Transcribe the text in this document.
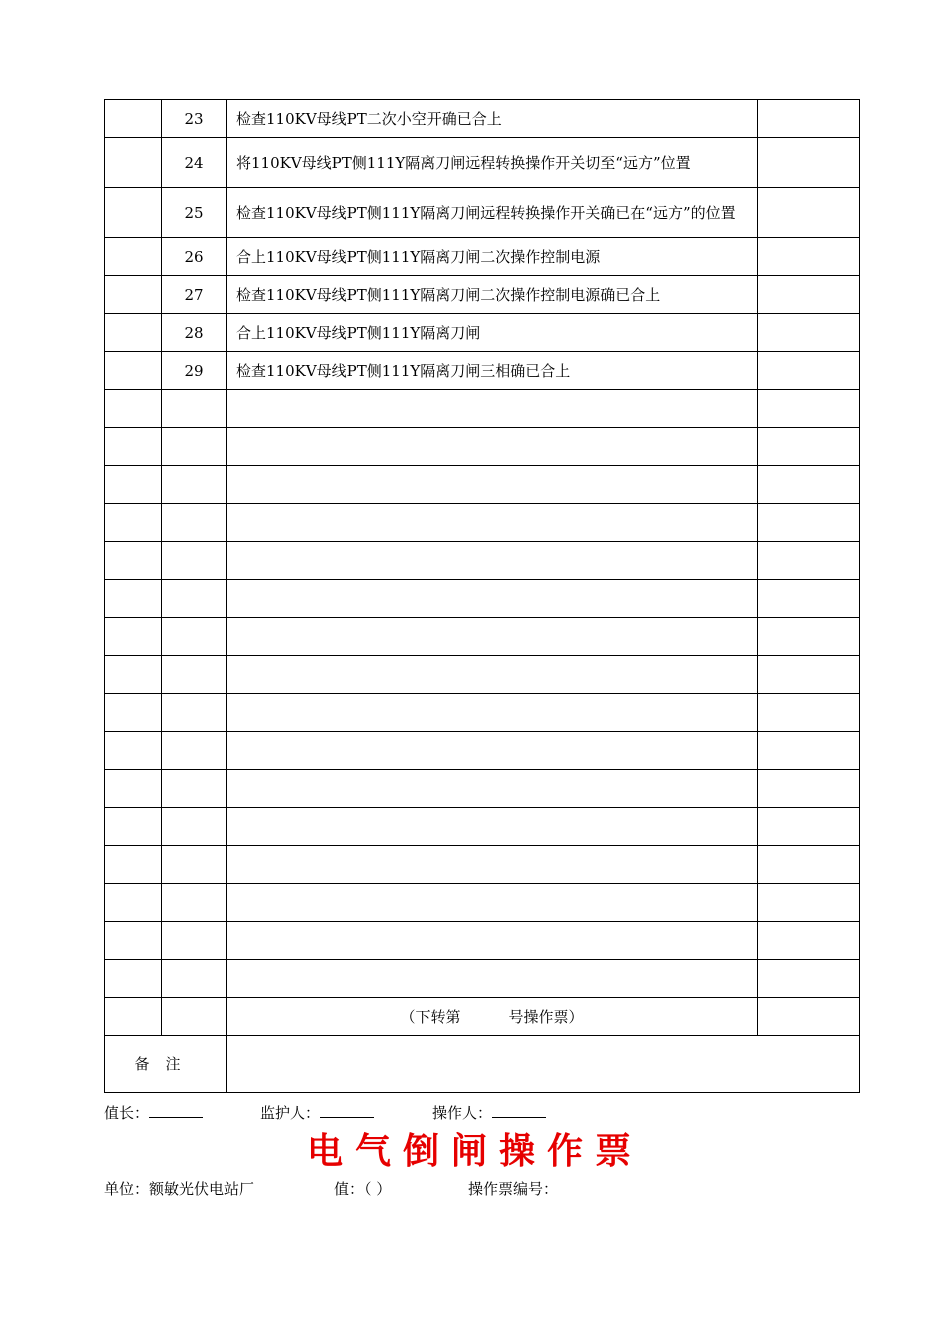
	23	检查110KV母线PT二次小空开确已合上	
	24	将110KV母线PT侧111Y隔离刀闸远程转换操作开关切至“远方”位置	
	25	检查110KV母线PT侧111Y隔离刀闸远程转换操作开关确已在“远方”的位置	
	26	合上110KV母线PT侧111Y隔离刀闸二次操作控制电源	
	27	检查110KV母线PT侧111Y隔离刀闸二次操作控制电源确已合上	
	28	合上110KV母线PT侧111Y隔离刀闸	
	29	检查110KV母线PT侧111Y隔离刀闸三相确已合上	

		（下转第 号操作票）	
备注			
值长：	监护人：	操作人：
电气倒闸操作票
单位：额敏光伏电站厂	值：（ ）	操作票编号：
